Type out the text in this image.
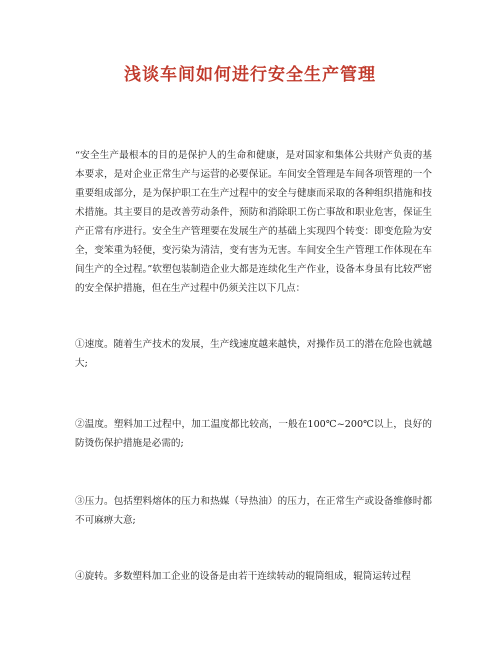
浅谈车间如何进行安全生产管理

“安全生产最根本的目的是保护人的生命和健康，是对国家和集体公共财产负责的基本要求，是对企业正常生产与运营的必要保证。车间安全管理是车间各项管理的一个重要组成部分，是为保护职工在生产过程中的安全与健康而采取的各种组织措施和技术措施。其主要目的是改善劳动条件，预防和消除职工伤亡事故和职业危害，保证生产正常有序进行。安全生产管理要在发展生产的基础上实现四个转变：即变危险为安全，变笨重为轻便，变污染为清洁，变有害为无害。车间安全生产管理工作体现在车间生产的全过程。”软塑包装制造企业大都是连续化生产作业，设备本身虽有比较严密的安全保护措施，但在生产过程中仍须关注以下几点：

①速度。随着生产技术的发展，生产线速度越来越快，对操作员工的潜在危险也就越大;

②温度。塑料加工过程中，加工温度都比较高，一般在100℃~200℃以上，良好的防烫伤保护措施是必需的;

③压力。包括塑料熔体的压力和热媒（导热油）的压力，在正常生产或设备维修时都不可麻痹大意;

④旋转。多数塑料加工企业的设备是由若干连续转动的辊筒组成，辊筒运转过程
